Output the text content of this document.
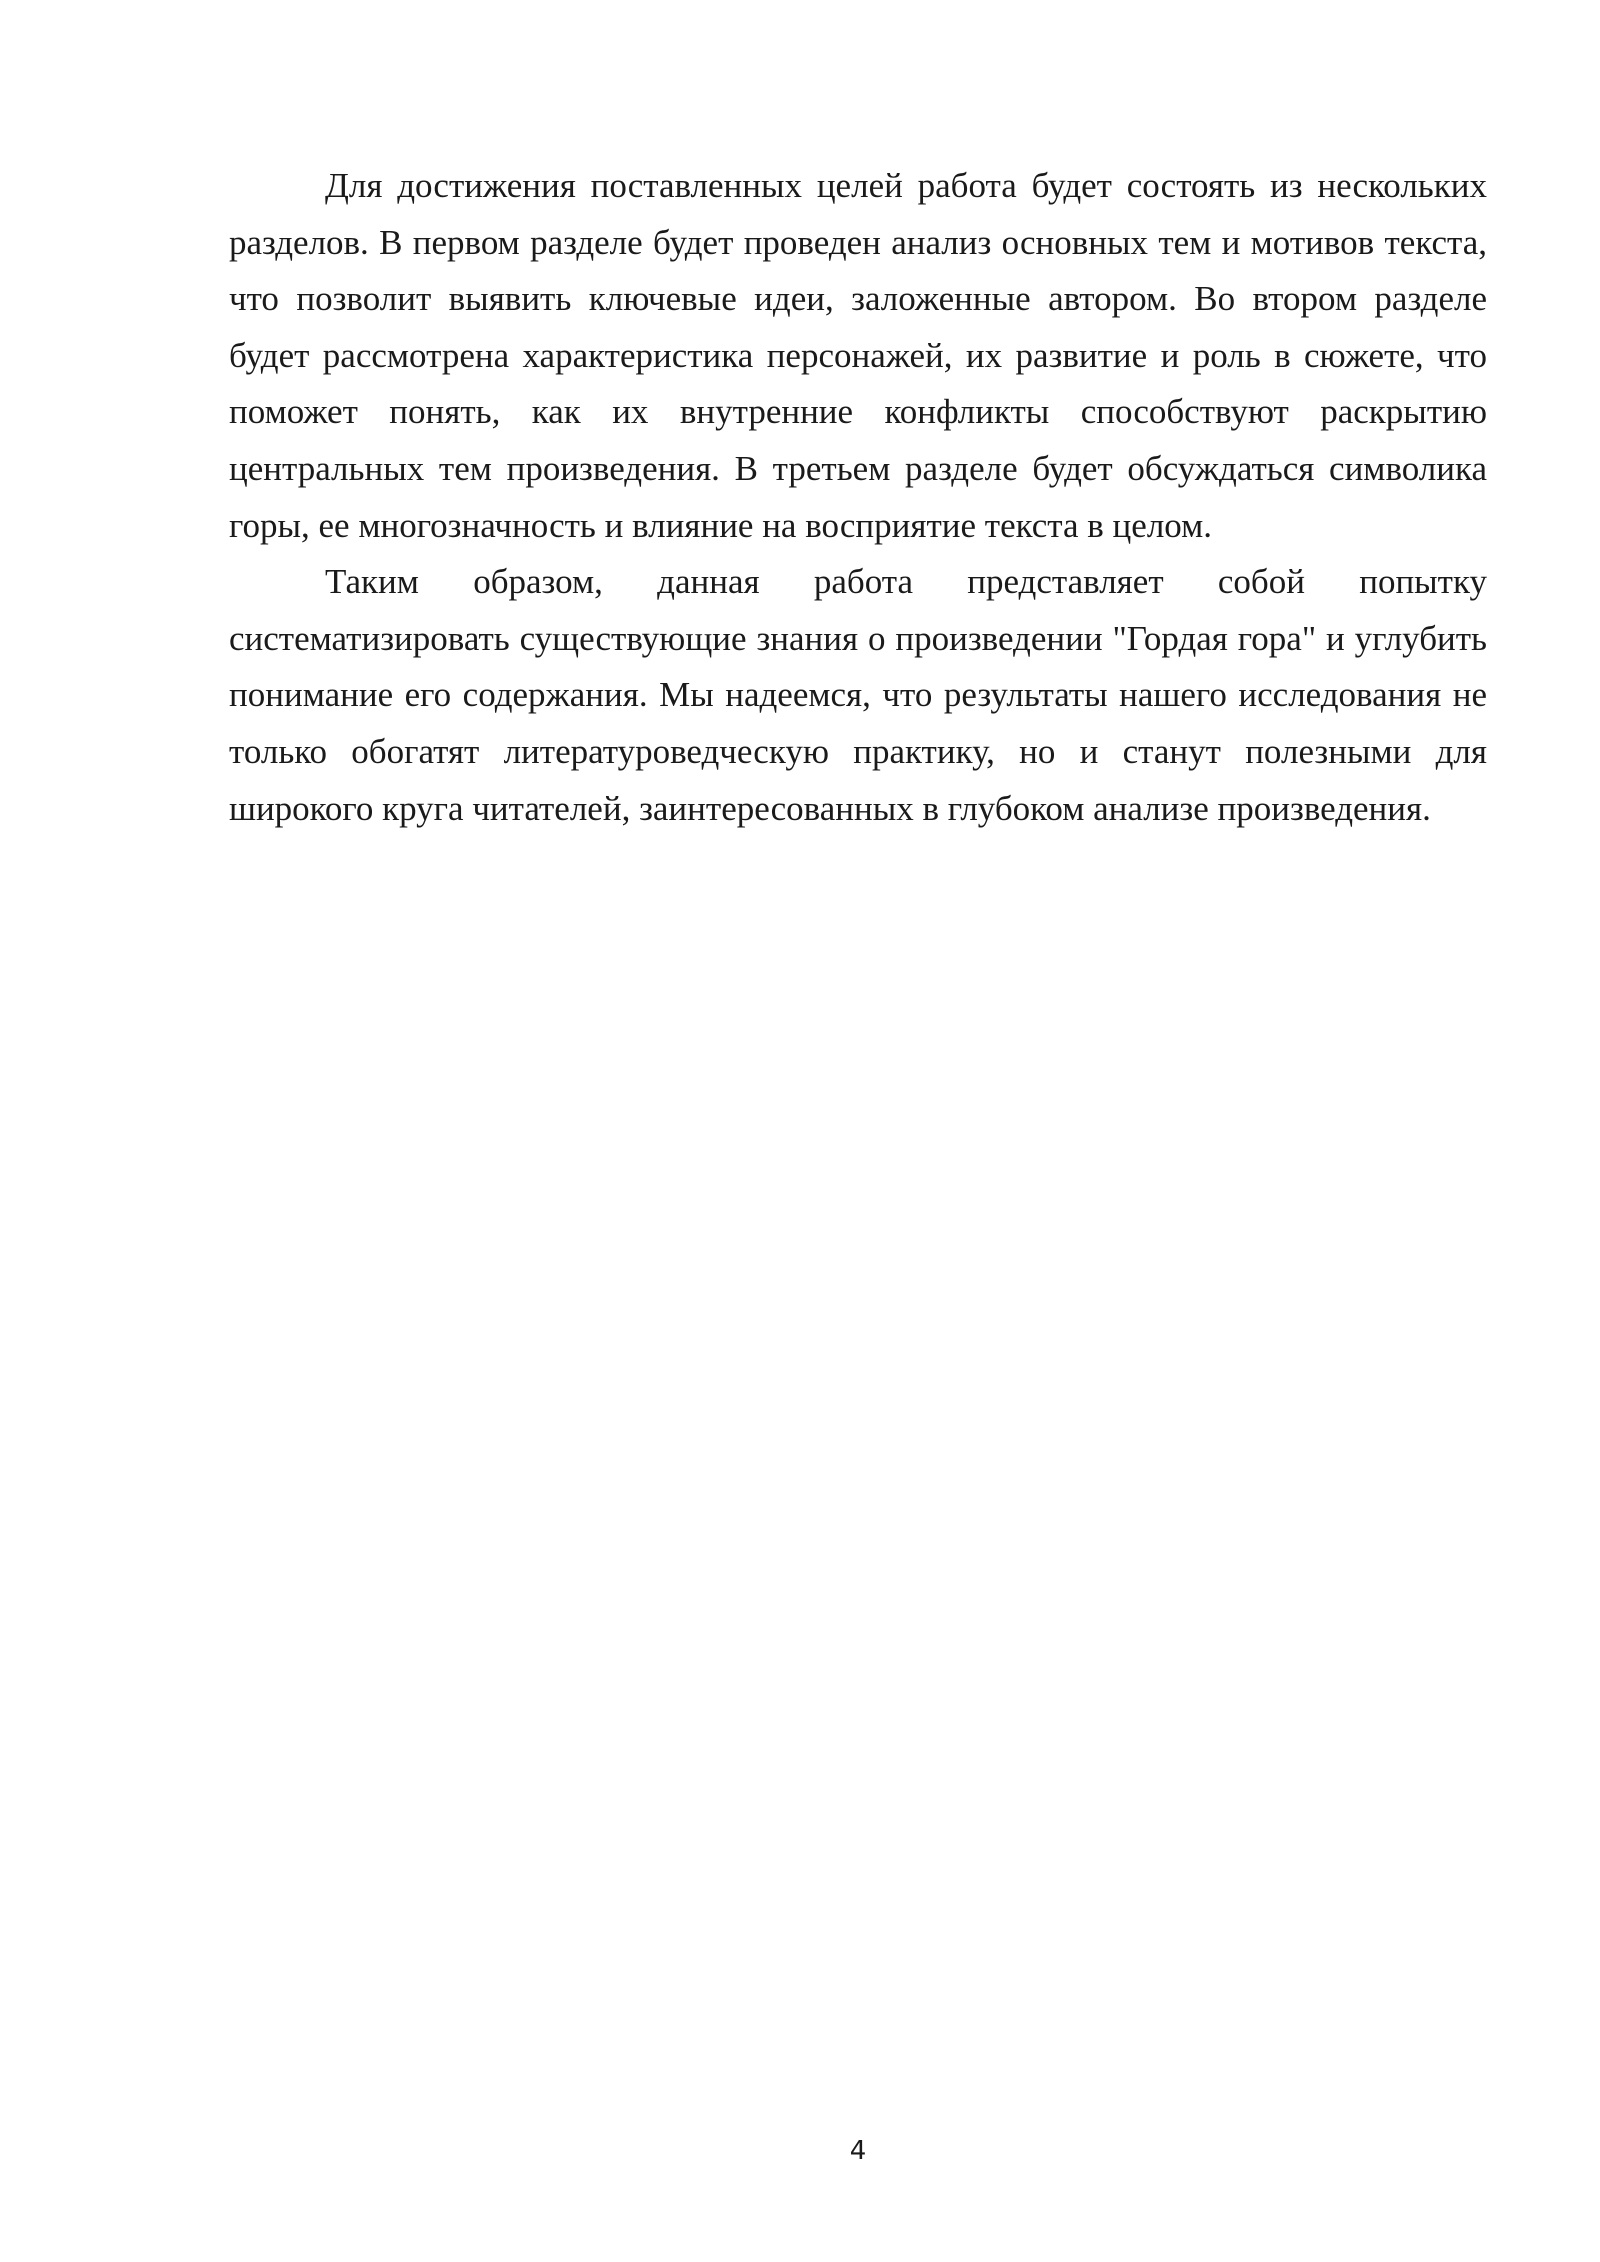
Для достижения поставленных целей работа будет состоять из нескольких разделов. В первом разделе будет проведен анализ основных тем и мотивов текста, что позволит выявить ключевые идеи, заложенные автором. Во втором разделе будет рассмотрена характеристика персонажей, их развитие и роль в сюжете, что поможет понять, как их внутренние конфликты способствуют раскрытию центральных тем произведения. В третьем разделе будет обсуждаться символика горы, ее многозначность и влияние на восприятие текста в целом.

Таким образом, данная работа представляет собой попытку систематизировать существующие знания о произведении "Гордая гора" и углубить понимание его содержания. Мы надеемся, что результаты нашего исследования не только обогатят литературоведческую практику, но и станут полезными для широкого круга читателей, заинтересованных в глубоком анализе произведения.

4
